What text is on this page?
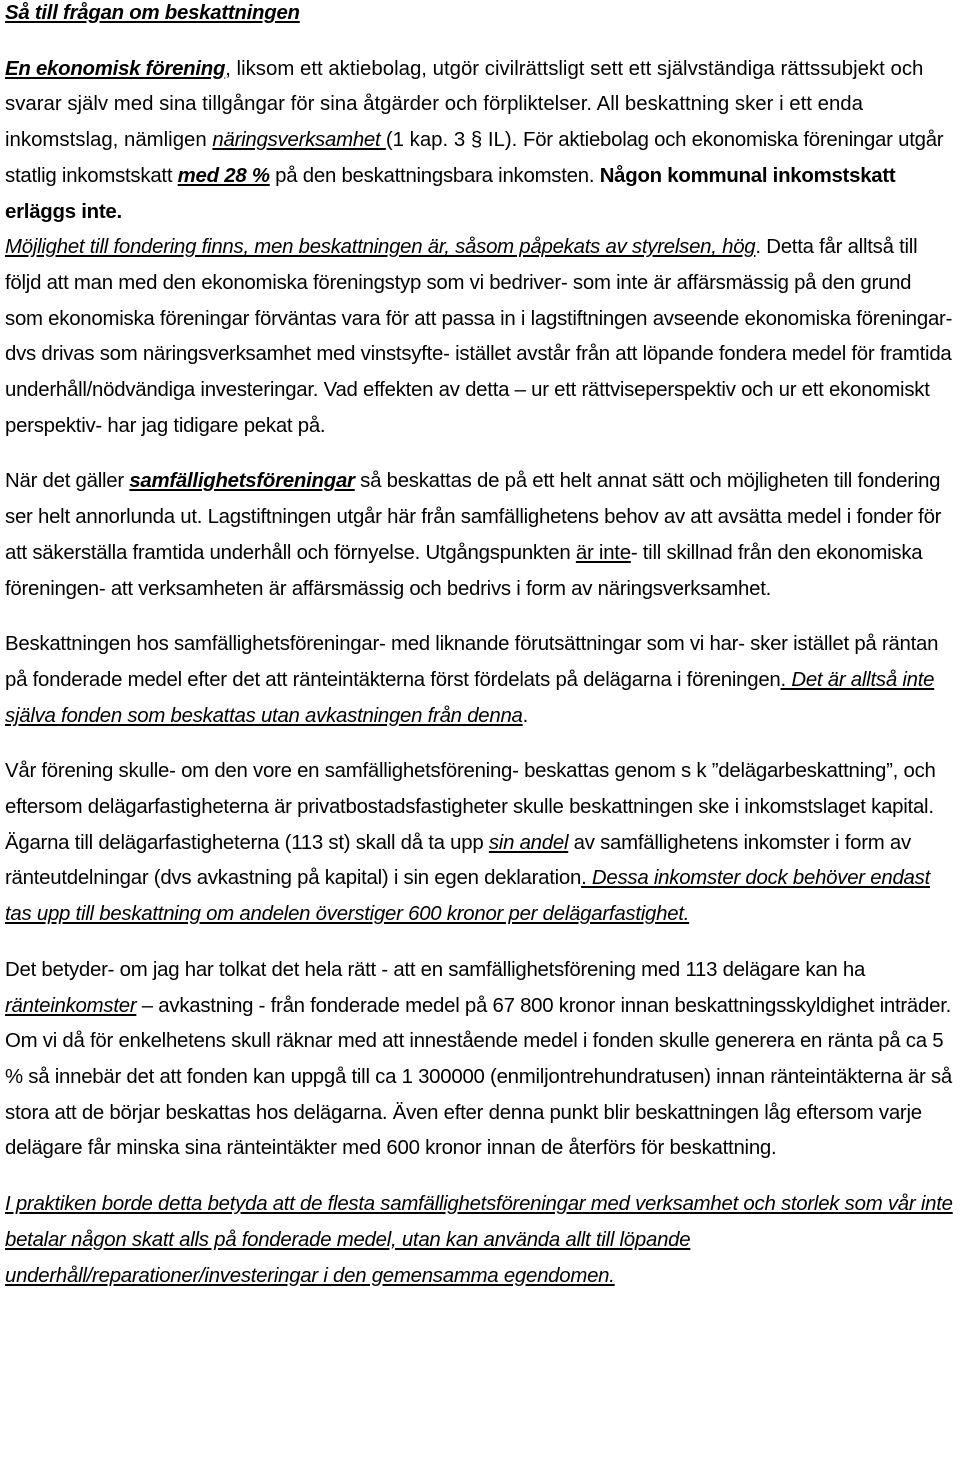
Så till frågan om beskattningen

En ekonomisk förening, liksom ett aktiebolag, utgör civilrättsligt sett ett självständiga rättssubjekt och svarar själv med sina tillgångar för sina åtgärder och förpliktelser. All beskattning sker i ett enda inkomstslag, nämligen näringsverksamhet (1 kap. 3 § IL). För aktiebolag och ekonomiska föreningar utgår statlig inkomstskatt med 28 % på den beskattningsbara inkomsten. Någon kommunal inkomstskatt erläggs inte.
Möjlighet till fondering finns, men beskattningen är, såsom påpekats av styrelsen, hög. Detta får alltså till följd att man med den ekonomiska föreningstyp som vi bedriver- som inte är affärsmässig på den grund som ekonomiska föreningar förväntas vara för att passa in i lagstiftningen avseende ekonomiska föreningar- dvs drivas som näringsverksamhet med vinstsyfte- istället avstår från att löpande fondera medel för framtida underhåll/nödvändiga investeringar. Vad effekten av detta – ur ett rättviseperspektiv och ur ett ekonomiskt perspektiv- har jag tidigare pekat på.

När det gäller samfällighetsföreningar så beskattas de på ett helt annat sätt och möjligheten till fondering ser helt annorlunda ut. Lagstiftningen utgår här från samfällighetens behov av att avsätta medel i fonder för att säkerställa framtida underhåll och förnyelse. Utgångspunkten är inte- till skillnad från den ekonomiska föreningen- att verksamheten är affärsmässig och bedrivs i form av näringsverksamhet.

Beskattningen hos samfällighetsföreningar- med liknande förutsättningar som vi har- sker istället på räntan på fonderade medel efter det att ränteintäkterna först fördelats på delägarna i föreningen. Det är alltså inte själva fonden som beskattas utan avkastningen från denna.

Vår förening skulle- om den vore en samfällighetsförening- beskattas genom s k ”delägarbeskattning”, och eftersom delägarfastigheterna är privatbostadsfastigheter skulle beskattningen ske i inkomstslaget kapital. Ägarna till delägarfastigheterna (113 st) skall då ta upp sin andel av samfällighetens inkomster i form av ränteutdelningar (dvs avkastning på kapital) i sin egen deklaration. Dessa inkomster dock behöver endast tas upp till beskattning om andelen överstiger 600 kronor per delägarfastighet.

Det betyder- om jag har tolkat det hela rätt - att en samfällighetsförening med 113 delägare kan ha ränteinkomster – avkastning - från fonderade medel på 67 800 kronor innan beskattningsskyldighet inträder. Om vi då för enkelhetens skull räknar med att innestående medel i fonden skulle generera en ränta på ca 5 % så innebär det att fonden kan uppgå till ca 1 300000 (enmiljontrehundratusen) innan ränteintäkterna är så stora att de börjar beskattas hos delägarna. Även efter denna punkt blir beskattningen låg eftersom varje delägare får minska sina ränteintäkter med 600 kronor innan de återförs för beskattning.

I praktiken borde detta betyda att de flesta samfällighetsföreningar med verksamhet och storlek som vår inte betalar någon skatt alls på fonderade medel, utan kan använda allt till löpande underhåll/reparationer/investeringar i den gemensamma egendomen.
